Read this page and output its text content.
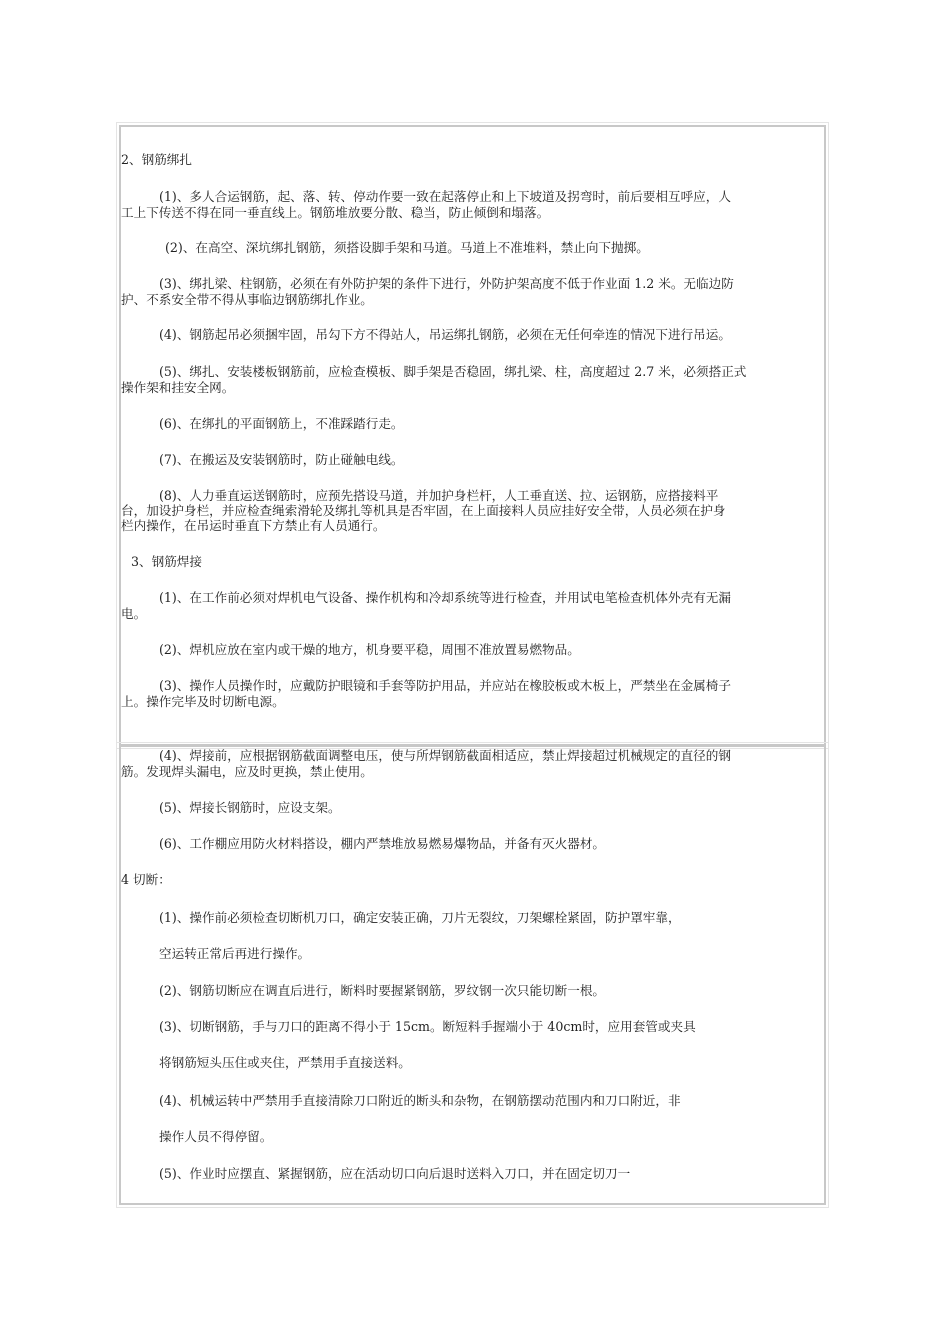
2、钢筋绑扎
(1)、多人合运钢筋，起、落、转、停动作要一致在起落停止和上下坡道及拐弯时，前后要相互呼应，人
工上下传送不得在同一垂直线上。钢筋堆放要分散、稳当，防止倾倒和塌落。
(2)、在高空、深坑绑扎钢筋，须搭设脚手架和马道。马道上不准堆料，禁止向下抛掷。
(3)、绑扎梁、柱钢筋，必须在有外防护架的条件下进行，外防护架高度不低于作业面 1.2 米。无临边防
护、不系安全带不得从事临边钢筋绑扎作业。
(4)、钢筋起吊必须捆牢固，吊勾下方不得站人，吊运绑扎钢筋，必须在无任何牵连的情况下进行吊运。
(5)、绑扎、安装楼板钢筋前，应检查模板、脚手架是否稳固，绑扎梁、柱，高度超过 2.7 米，必须搭正式
操作架和挂安全网。
(6)、在绑扎的平面钢筋上，不准踩踏行走。
(7)、在搬运及安装钢筋时，防止碰触电线。
(8)、人力垂直运送钢筋时，应预先搭设马道，并加护身栏杆，人工垂直送、拉、运钢筋，应搭接料平
台，加设护身栏，并应检查绳索滑轮及绑扎等机具是否牢固，在上面接料人员应挂好安全带，人员必须在护身
栏内操作，在吊运时垂直下方禁止有人员通行。
3、钢筋焊接
(1)、在工作前必须对焊机电气设备、操作机构和冷却系统等进行检查，并用试电笔检查机体外壳有无漏
电。
(2)、焊机应放在室内或干燥的地方，机身要平稳，周围不准放置易燃物品。
(3)、操作人员操作时，应戴防护眼镜和手套等防护用品，并应站在橡胶板或木板上，严禁坐在金属椅子
上。操作完毕及时切断电源。
(4)、焊接前，应根据钢筋截面调整电压，使与所焊钢筋截面相适应，禁止焊接超过机械规定的直径的钢
筋。发现焊头漏电，应及时更换，禁止使用。
(5)、焊接长钢筋时，应设支架。
(6)、工作棚应用防火材料搭设，棚内严禁堆放易燃易爆物品，并备有灭火器材。
4 切断：
(1)、操作前必须检查切断机刀口，确定安装正确，刀片无裂纹，刀架螺栓紧固，防护罩牢靠，
空运转正常后再进行操作。
(2)、钢筋切断应在调直后进行，断料时要握紧钢筋，罗纹钢一次只能切断一根。
(3)、切断钢筋，手与刀口的距离不得小于 15cm。断短料手握端小于 40cm时，应用套管或夹具
将钢筋短头压住或夹住，严禁用手直接送料。
(4)、机械运转中严禁用手直接清除刀口附近的断头和杂物，在钢筋摆动范围内和刀口附近，非
操作人员不得停留。
(5)、作业时应摆直、紧握钢筋，应在活动切口向后退时送料入刀口，并在固定切刀一
